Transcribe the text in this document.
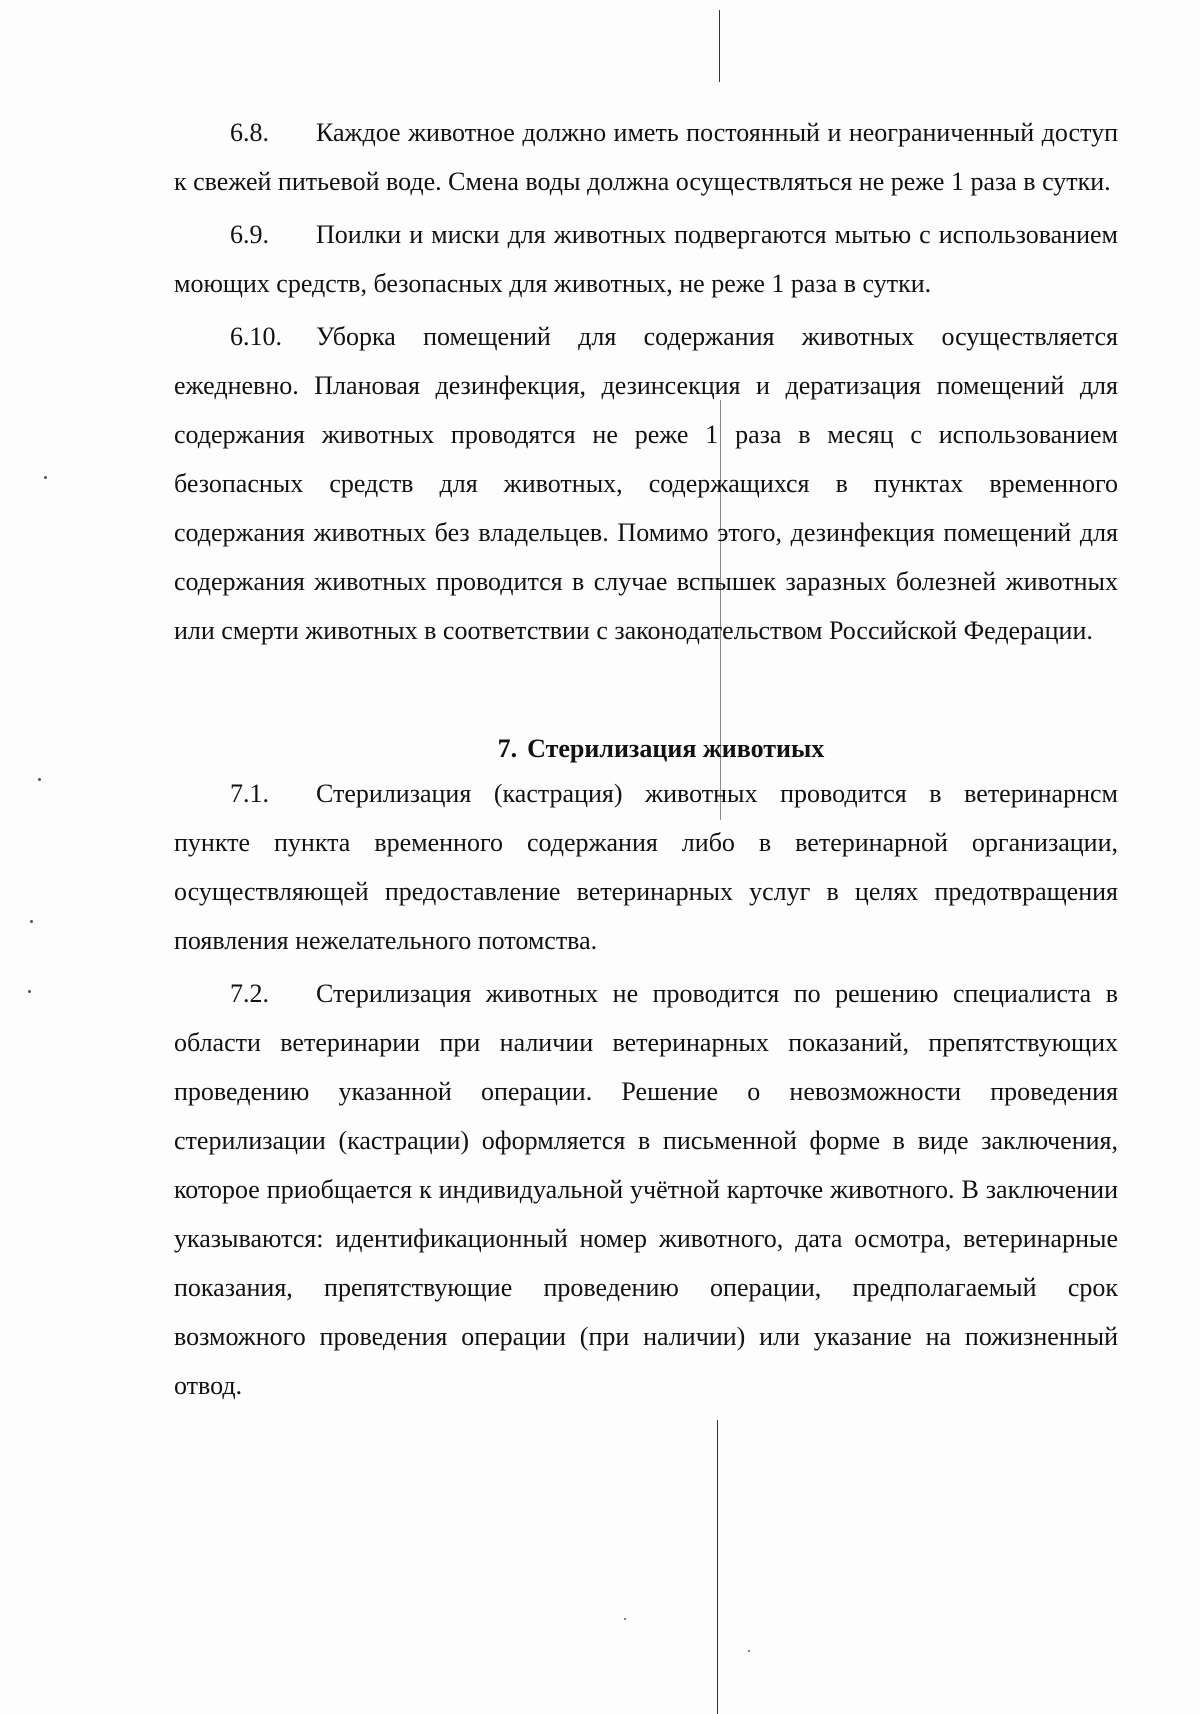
6.8. Каждое животное должно иметь постоянный и неограниченный доступ к свежей питьевой воде. Смена воды должна осуществляться не реже 1 раза в сутки.

6.9. Поилки и миски для животных подвергаются мытью с использованием моющих средств, безопасных для животных, не реже 1 раза в сутки.

6.10. Уборка помещений для содержания животных осуществляется ежедневно. Плановая дезинфекция, дезинсекция и дератизация помещений для содержания животных проводятся не реже 1 раза в месяц с использованием безопасных средств для животных, содержащихся в пунктах временного содержания животных без владельцев. Помимо этого, дезинфекция помещений для содержания животных проводится в случае вспышек заразных болезней животных или смерти животных в соответствии с законодательством Российской Федерации.

7. Стерилизация животиых

7.1. Стерилизация (кастрация) животных проводится в ветеринарнсм пункте пункта временного содержания либо в ветеринарной организации, осуществляющей предоставление ветеринарных услуг в целях предотвращения появления нежелательного потомства.

7.2. Стерилизация животных не проводится по решению специалиста в области ветеринарии при наличии ветеринарных показаний, препятствующих проведению указанной операции. Решение о невозможности проведения стерилизации (кастрации) оформляется в письменной форме в виде заключения, которое приобщается к индивидуальной учётной карточке животного. В заключении указываются: идентификационный номер животного, дата осмотра, ветеринарные показания, препятствующие проведению операции, предполагаемый срок возможного проведения операции (при наличии) или указание на пожизненный отвод.
